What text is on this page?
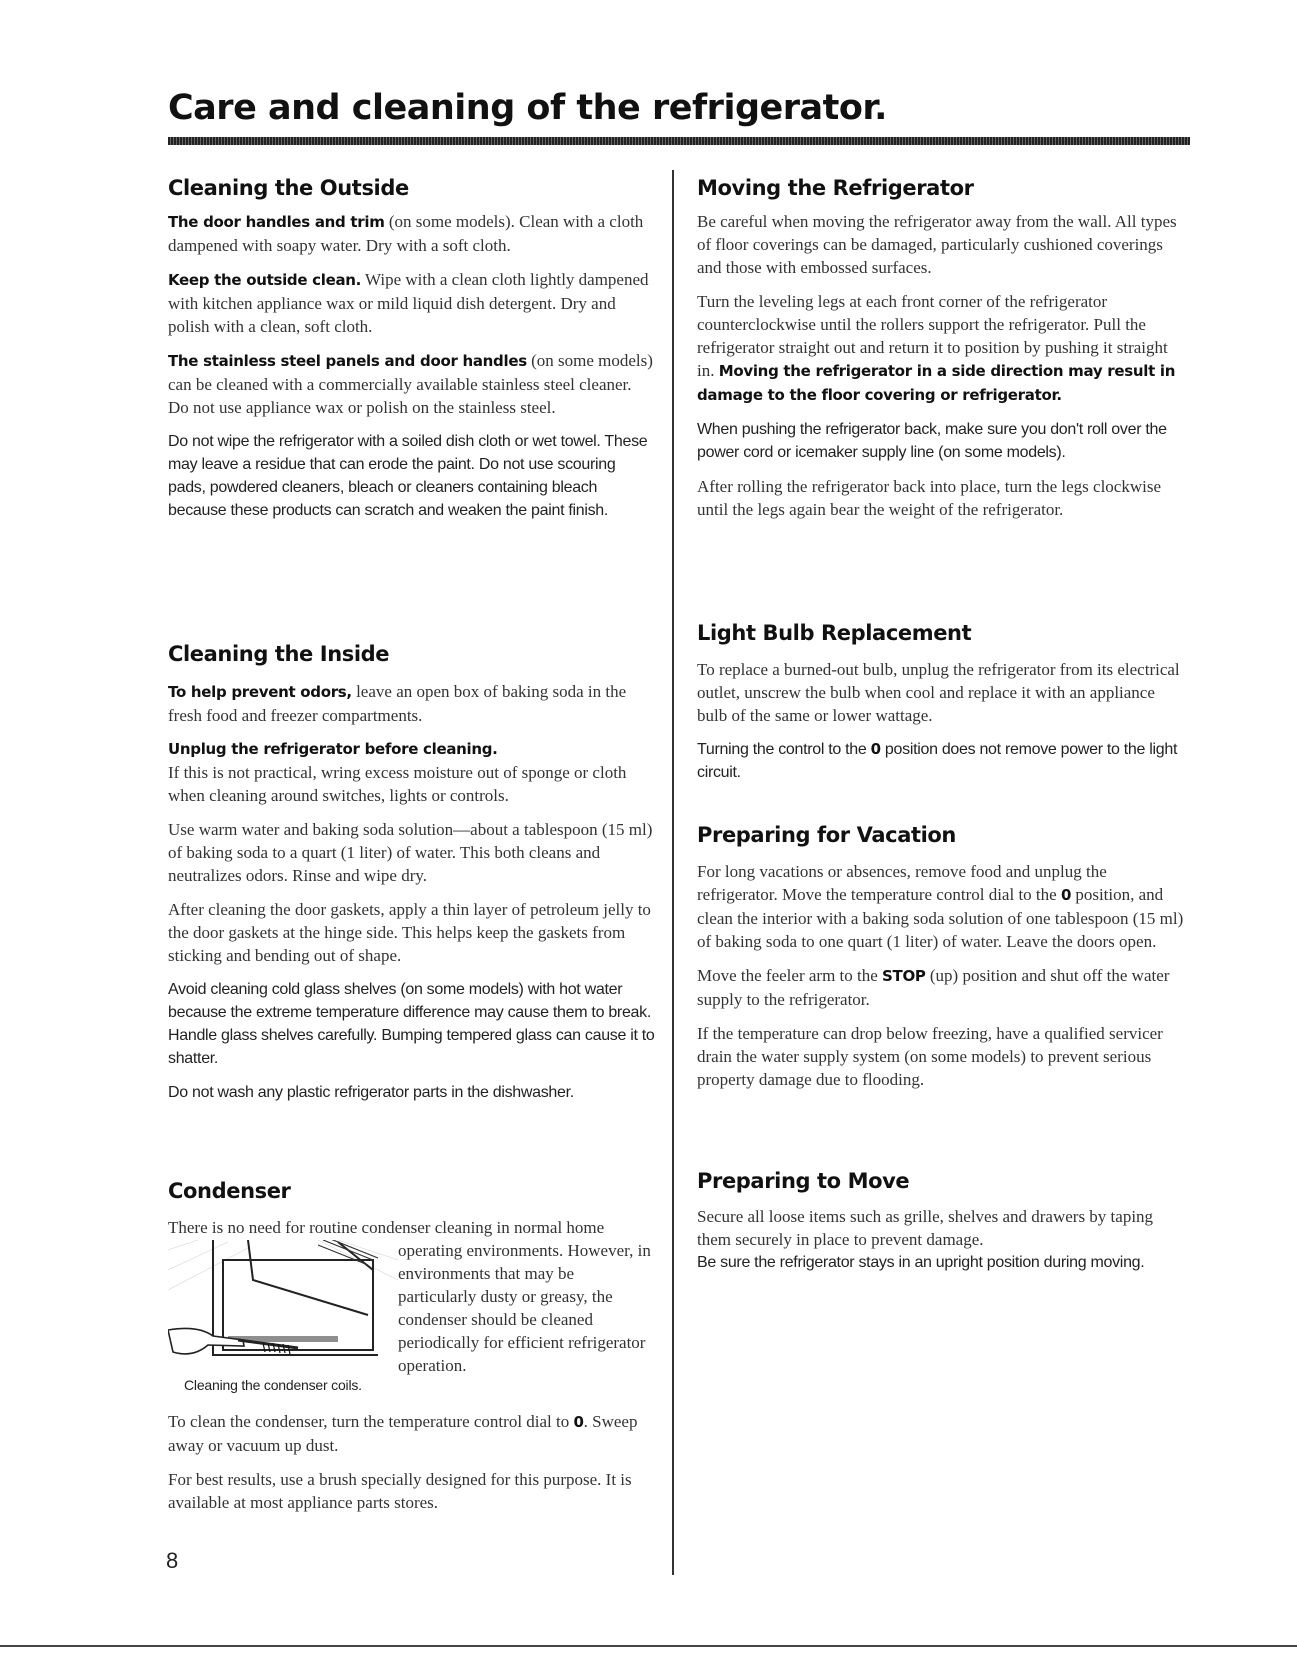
Care and cleaning of the refrigerator.
Cleaning the Outside

The door handles and trim (on some models). Clean with a cloth dampened with soapy water. Dry with a soft cloth.

Keep the outside clean. Wipe with a clean cloth lightly dampened with kitchen appliance wax or mild liquid dish detergent. Dry and polish with a clean, soft cloth.

The stainless steel panels and door handles (on some models) can be cleaned with a commercially available stainless steel cleaner. Do not use appliance wax or polish on the stainless steel.

Do not wipe the refrigerator with a soiled dish cloth or wet towel. These may leave a residue that can erode the paint. Do not use scouring pads, powdered cleaners, bleach or cleaners containing bleach because these products can scratch and weaken the paint finish.

Cleaning the Inside

To help prevent odors, leave an open box of baking soda in the fresh food and freezer compartments.

Unplug the refrigerator before cleaning.
If this is not practical, wring excess moisture out of sponge or cloth when cleaning around switches, lights or controls.

Use warm water and baking soda solution—about a tablespoon (15 ml) of baking soda to a quart (1 liter) of water. This both cleans and neutralizes odors. Rinse and wipe dry.

After cleaning the door gaskets, apply a thin layer of petroleum jelly to the door gaskets at the hinge side. This helps keep the gaskets from sticking and bending out of shape.

Avoid cleaning cold glass shelves (on some models) with hot water because the extreme temperature difference may cause them to break. Handle glass shelves carefully. Bumping tempered glass can cause it to shatter.

Do not wash any plastic refrigerator parts in the dishwasher.

Condenser

There is no need for routine condenser cleaning in normal home operating environments. However, in environments that may be particularly dusty or greasy, the condenser should be cleaned periodically for efficient refrigerator operation.

Cleaning the condenser coils.

To clean the condenser, turn the temperature control dial to 0. Sweep away or vacuum up dust.

For best results, use a brush specially designed for this purpose. It is available at most appliance parts stores.

Moving the Refrigerator

Be careful when moving the refrigerator away from the wall. All types of floor coverings can be damaged, particularly cushioned coverings and those with embossed surfaces.

Turn the leveling legs at each front corner of the refrigerator counterclockwise until the rollers support the refrigerator. Pull the refrigerator straight out and return it to position by pushing it straight in. Moving the refrigerator in a side direction may result in damage to the floor covering or refrigerator.

When pushing the refrigerator back, make sure you don't roll over the power cord or icemaker supply line (on some models).

After rolling the refrigerator back into place, turn the legs clockwise until the legs again bear the weight of the refrigerator.

Light Bulb Replacement

To replace a burned-out bulb, unplug the refrigerator from its electrical outlet, unscrew the bulb when cool and replace it with an appliance bulb of the same or lower wattage.

Turning the control to the 0 position does not remove power to the light circuit.

Preparing for Vacation

For long vacations or absences, remove food and unplug the refrigerator. Move the temperature control dial to the 0 position, and clean the interior with a baking soda solution of one tablespoon (15 ml) of baking soda to one quart (1 liter) of water. Leave the doors open.

Move the feeler arm to the STOP (up) position and shut off the water supply to the refrigerator.

If the temperature can drop below freezing, have a qualified servicer drain the water supply system (on some models) to prevent serious property damage due to flooding.

Preparing to Move

Secure all loose items such as grille, shelves and drawers by taping them securely in place to prevent damage.

Be sure the refrigerator stays in an upright position during moving.

8
